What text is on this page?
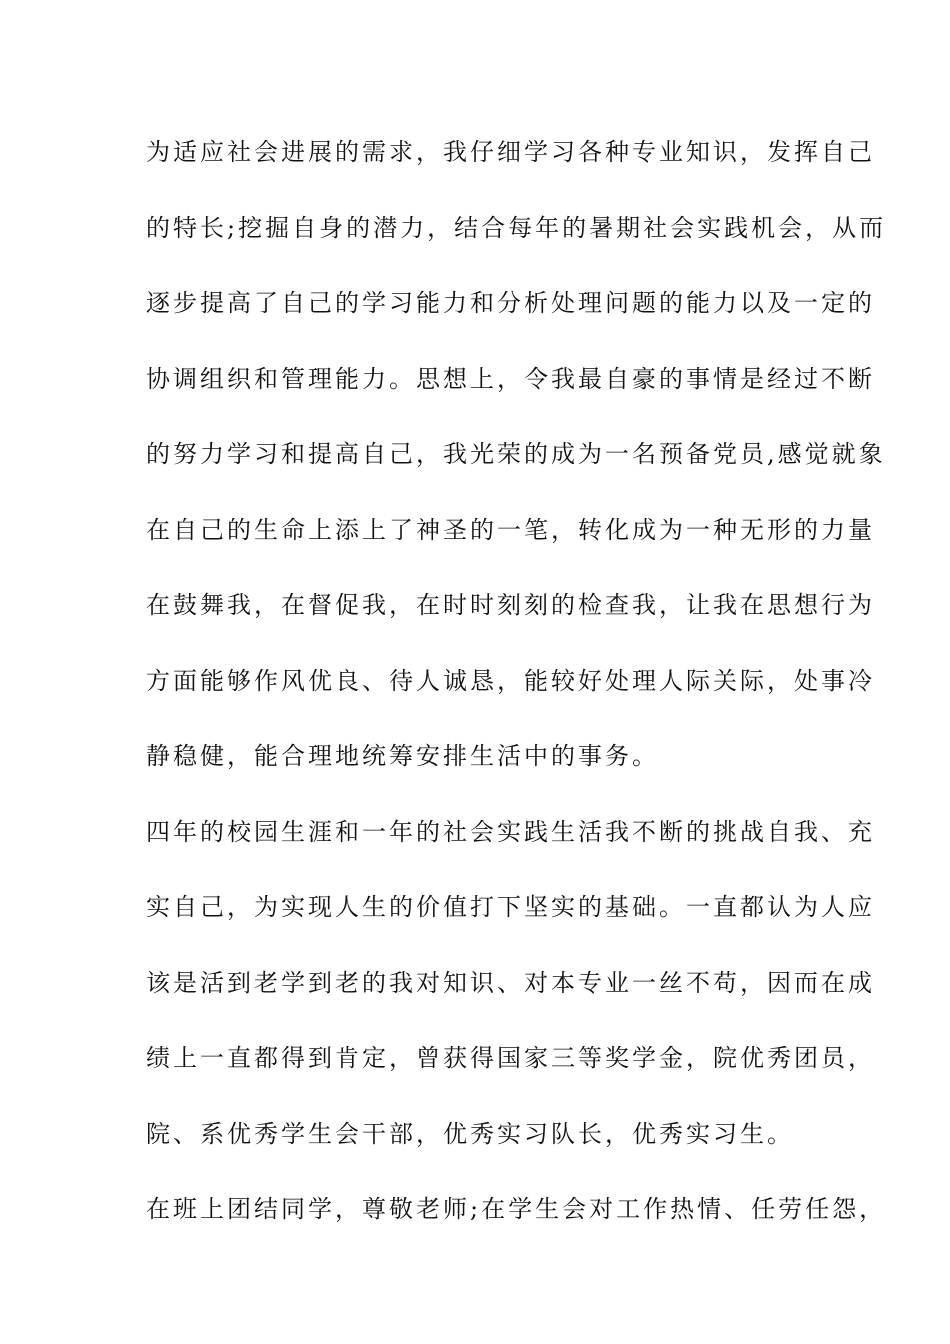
为适应社会进展的需求，我仔细学习各种专业知识，发挥自己
的特长;挖掘自身的潜力，结合每年的暑期社会实践机会，从而
逐步提高了自己的学习能力和分析处理问题的能力以及一定的
协调组织和管理能力。思想上，令我最自豪的事情是经过不断
的努力学习和提高自己，我光荣的成为一名预备党员,感觉就象
在自己的生命上添上了神圣的一笔，转化成为一种无形的力量
在鼓舞我，在督促我，在时时刻刻的检查我，让我在思想行为
方面能够作风优良、待人诚恳，能较好处理人际关际，处事冷
静稳健，能合理地统筹安排生活中的事务。
四年的校园生涯和一年的社会实践生活我不断的挑战自我、充
实自己，为实现人生的价值打下坚实的基础。一直都认为人应
该是活到老学到老的我对知识、对本专业一丝不苟，因而在成
绩上一直都得到肯定，曾获得国家三等奖学金，院优秀团员，
院、系优秀学生会干部，优秀实习队长，优秀实习生。
在班上团结同学，尊敬老师;在学生会对工作热情、任劳任怨，
